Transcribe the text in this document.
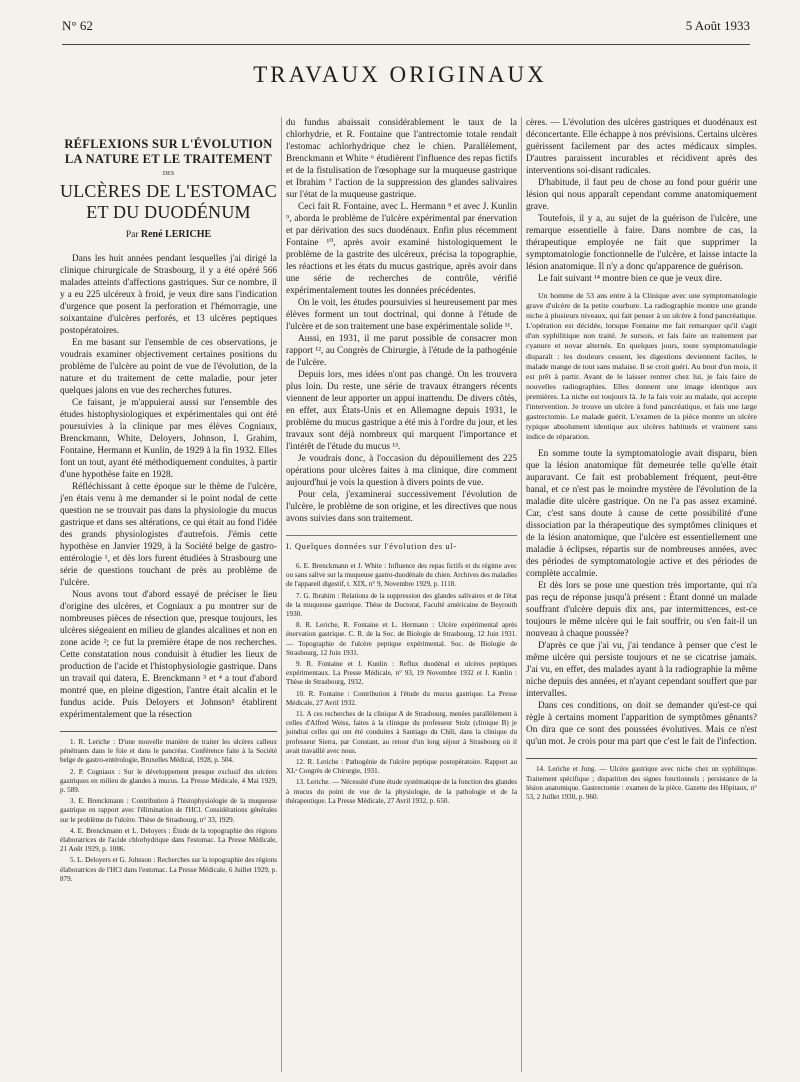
N° 62	5 Août 1933
TRAVAUX ORIGINAUX
RÉFLEXIONS SUR L'ÉVOLUTION
LA NATURE ET LE TRAITEMENT
DES
ULCÈRES DE L'ESTOMAC
ET DU DUODÉNUM
Par René LERICHE

Dans les huit années pendant lesquelles j'ai dirigé la clinique chirurgicale de Strasbourg, il y a été opéré 566 malades atteints d'affections gastriques. Sur ce nombre, il y a eu 225 ulcéreux à froid, je veux dire sans l'indication d'urgence que posent la perforation et l'hémorragie, une soixantaine d'ulcères perforés, et 13 ulcères peptiques postopératoires.

En me basant sur l'ensemble de ces observations, je voudrais examiner objectivement certaines positions du problème de l'ulcère au point de vue de l'évolution, de la nature et du traitement de cette maladie, pour jeter quelques jalons en vue des recherches futures.

Ce faisant, je m'appuierai aussi sur l'ensemble des études histophysiologiques et expérimentales qui ont été poursuivies à la clinique par mes élèves Cogniaux, Brenckmann, White, Deloyers, Johnson, I. Grahim, Fontaine, Hermann et Kunlin, de 1929 à la fin 1932. Elles font un tout, ayant été méthodiquement conduites, à partir d'une hypothèse faite en 1928.

Réfléchissant à cette époque sur le thème de l'ulcère, j'en étais venu à me demander si le point nodal de cette question ne se trouvait pas dans la physiologie du mucus gastrique et dans ses altérations, ce qui était au fond l'idée des grands physiologistes d'autrefois. J'émis cette hypothèse en Janvier 1929, à la Société belge de gastro-entérologie ¹, et dès lors furent étudiées à Strasbourg une série de questions touchant de près au problème de l'ulcère.

Nous avons tout d'abord essayé de préciser le lieu d'origine des ulcères, et Cogniaux a pu montrer sur de nombreuses pièces de résection que, presque toujours, les ulcères siégeaient en milieu de glandes alcalines et non en zone acide ²; ce fut la première étape de nos recherches. Cette constatation nous conduisit à étudier les lieux de production de l'acide et l'histophysiologie gastrique. Dans un travail qui datera, E. Brenckmann ³ et ⁴ a tout d'abord montré que, en pleine digestion, l'antre était alcalin et le fundus acide. Puis Deloyers et Johnson⁵ établirent expérimentalement que la résection

1. R. Leriche : D'une nouvelle manière de traiter les ulcères calleux pénétrants dans le foie et dans le pancréas. Conférence faite à la Société belge de gastro-entérologie, Bruxelles Médical, 1928, p. 504.
2. P. Cogniaux : Sur le développement presque exclusif des ulcères gastriques en milieu de glandes à mucus. La Presse Médicale, 4 Mai 1929, p. 589.
3. E. Brenckmann : Contribution à l'histophysiologie de la muqueuse gastrique en rapport avec l'élimination de l'HCl. Considérations générales sur le problème de l'ulcère. Thèse de Strasbourg, n° 33, 1929.
4. E. Brenckmann et L. Deloyers : Étude de la topographie des régions élaboratrices de l'acide chlorhydrique dans l'estomac. La Presse Médicale, 21 Août 1929, p. 1086.
5. L. Deloyers et G. Johnson : Recherches sur la topographie des régions élaboratrices de l'HCl dans l'estomac. La Presse Médicale, 6 Juillet 1929, p. 879.

du fundus abaissait considérablement le taux de la chlorhydrie, et R. Fontaine que l'antrectomie totale rendait l'estomac achlorhydrique chez le chien. Parallèlement, Brenckmann et White ⁶ étudièrent l'influence des repas fictifs et de la fistulisation de l'œsophage sur la muqueuse gastrique et Ibrahim ⁷ l'action de la suppression des glandes salivaires sur l'état de la muqueuse gastrique.

Ceci fait R. Fontaine, avec L. Hermann ⁸ et avec J. Kunlin ⁹, aborda le problème de l'ulcère expérimental par énervation et par dérivation des sucs duodénaux. Enfin plus récemment Fontaine ¹⁰, après avoir examiné histologiquement le problème de la gastrite des ulcéreux, précisa la topographie, les réactions et les états du mucus gastrique, après avoir dans une série de recherches de contrôle, vérifié expérimentalement toutes les données précédentes.

On le voit, les études poursuivies si heureusement par mes élèves forment un tout doctrinal, qui donne à l'étude de l'ulcère et de son traitement une base expérimentale solide ¹¹.

Aussi, en 1931, il me parut possible de consacrer mon rapport ¹², au Congrès de Chirurgie, à l'étude de la pathogénie de l'ulcère.

Depuis lors, mes idées n'ont pas changé. On les trouvera plus loin. Du reste, une série de travaux étrangers récents viennent de leur apporter un appui inattendu. De divers côtés, en effet, aux États-Unis et en Allemagne depuis 1931, le problème du mucus gastrique a été mis à l'ordre du jour, et les travaux sont déjà nombreux qui marquent l'importance et l'intérêt de l'étude du mucus ¹³.

Je voudrais donc, à l'occasion du dépouillement des 225 opérations pour ulcères faites à ma clinique, dire comment aujourd'hui je vois la question à divers points de vue.

Pour cela, j'examinerai successivement l'évolution de l'ulcère, le problème de son origine, et les directives que nous avons suivies dans son traitement.

I. Quelques données sur l'évolution des ul-
6. E. Brenckmann et J. White : Influence des repas fictifs et du régime avec ou sans salive sur la muqueuse gastro-duodénale du chien. Archives des maladies de l'appareil digestif, t. XIX, n° 9, Novembre 1929, p. 1118.
7. G. Ibrahim : Relations de la suppression des glandes salivaires et de l'état de la muqueuse gastrique. Thèse de Doctorat, Faculté américaine de Beyrouth 1930.
8. R. Leriche, R. Fontaine et L. Hermann : Ulcère expérimental après énervation gastrique. C. R. de la Soc. de Biologie de Strasbourg, 12 Juin 1931. — Topographie de l'ulcère peptique expérimental. Soc. de Biologie de Strasbourg, 12 Juin 1931.
9. R. Fontaine et J. Kunlin : Reflux duodénal et ulcères peptiques expérimentaux. La Presse Médicale, n° 93, 19 Novembre 1932 et J. Kunlin : Thèse de Strasbourg, 1932.
10. R. Fontaine : Contribution à l'étude du mucus gastrique. La Presse Médicale, 27 Avril 1932.
11. A ces recherches de la clinique A de Strasbourg, menées parallèlement à celles d'Alfred Weiss, faites à la clinique du professeur Stolz (clinique B) je joindrai celles qui ont été conduites à Santiago du Chili, dans la clinique du professeur Sierra, par Constant, au retour d'un long séjour à Strasbourg où il avait travaillé avec nous.
12. R. Leriche : Pathogénie de l'ulcère peptique postopératoire. Rapport au XLᵉ Congrès de Chirurgie, 1931.
13. Leriche. — Nécessité d'une étude systématique de la fonction des glandes à mucus du point de vue de la physiologie, de la pathologie et de la thérapeutique. La Presse Médicale, 27 Avril 1932, p. 650.

cères. — L'évolution des ulcères gastriques et duodénaux est déconcertante. Elle échappe à nos prévisions. Certains ulcères guérissent facilement par des actes médicaux simples. D'autres paraissent incurables et récidivent après des interventions soi-disant radicales.

D'habitude, il faut peu de chose au fond pour guérir une lésion qui nous apparaît cependant comme anatomiquement grave.

Toutefois, il y a, au sujet de la guérison de l'ulcère, une remarque essentielle à faire. Dans nombre de cas, la thérapeutique employée ne fait que supprimer la symptomatologie fonctionnelle de l'ulcère, et laisse intacte la lésion anatomique. Il n'y a donc qu'apparence de guérison.

Le fait suivant ¹⁴ montre bien ce que je veux dire.

Un homme de 53 ans entre à la Clinique avec une symptomatologie grave d'ulcère de la petite courbure. La radiographie montre une grande niche à plusieurs niveaux, qui fait penser à un ulcère à fond pancréatique. L'opération est décidée, lorsque Fontaine me fait remarquer qu'il s'agit d'un syphilitique non traité. Je sursois, et fais faire un traitement par cyanure et novar alternés. En quelques jours, toute symptomatologie disparaît : les douleurs cessent, les digestions deviennent faciles, le malade mange de tout sans malaise. Il se croit guéri. Au bout d'un mois, il est prêt à partir. Avant de le laisser rentrer chez lui, je fais faire de nouvelles radiographies. Elles donnent une image identique aux premières. La niche est toujours là. Je la fais voir au malade, qui accepte l'intervention. Je trouve un ulcère à fond pancréatique, et fais une large gastrectomie. Le malade guérit. L'examen de la pièce montre un ulcère typique absolument identique aux ulcères habituels et vraiment sans indice de réparation.

En somme toute la symptomatologie avait disparu, bien que la lésion anatomique fût demeurée telle qu'elle était auparavant. Ce fait est probablement fréquent, peut-être banal, et ce n'est pas le moindre mystère de l'évolution de la maladie dite ulcère gastrique. On ne l'a pas assez examiné. Car, c'est sans doute à cause de cette possibilité d'une dissociation par la thérapeutique des symptômes cliniques et de la lésion anatomique, que l'ulcère est essentiellement une maladie à éclipses, répartis sur de nombreuses années, avec des périodes de symptomatologie active et des périodes de complète accalmie.

Et dès lors se pose une question très importante, qui n'a pas reçu de réponse jusqu'à présent : Étant donné un malade souffrant d'ulcère depuis dix ans, par intermittences, est-ce toujours le même ulcère qui le fait souffrir, ou s'en fait-il un nouveau à chaque poussée?

D'après ce que j'ai vu, j'ai tendance à penser que c'est le même ulcère qui persiste toujours et ne se cicatrise jamais. J'ai vu, en effet, des malades ayant à la radiographie la même niche depuis des années, et n'ayant cependant souffert que par intervalles.

Dans ces conditions, on doit se demander qu'est-ce qui règle à certains moment l'apparition de symptômes gênants? On dira que ce sont des poussées évolutives. Mais ce n'est qu'un mot. Je crois pour ma part que c'est le fait de l'infection.

14. Leriche et Jung. — Ulcère gastrique avec niche chez un syphilitique. Traitement spécifique ; disparition des signes fonctionnels ; persistance de la lésion anatomique. Gastrectomie : examen de la pièce. Gazette des Hôpitaux, n° 53, 2 Juillet 1930, p. 960.
